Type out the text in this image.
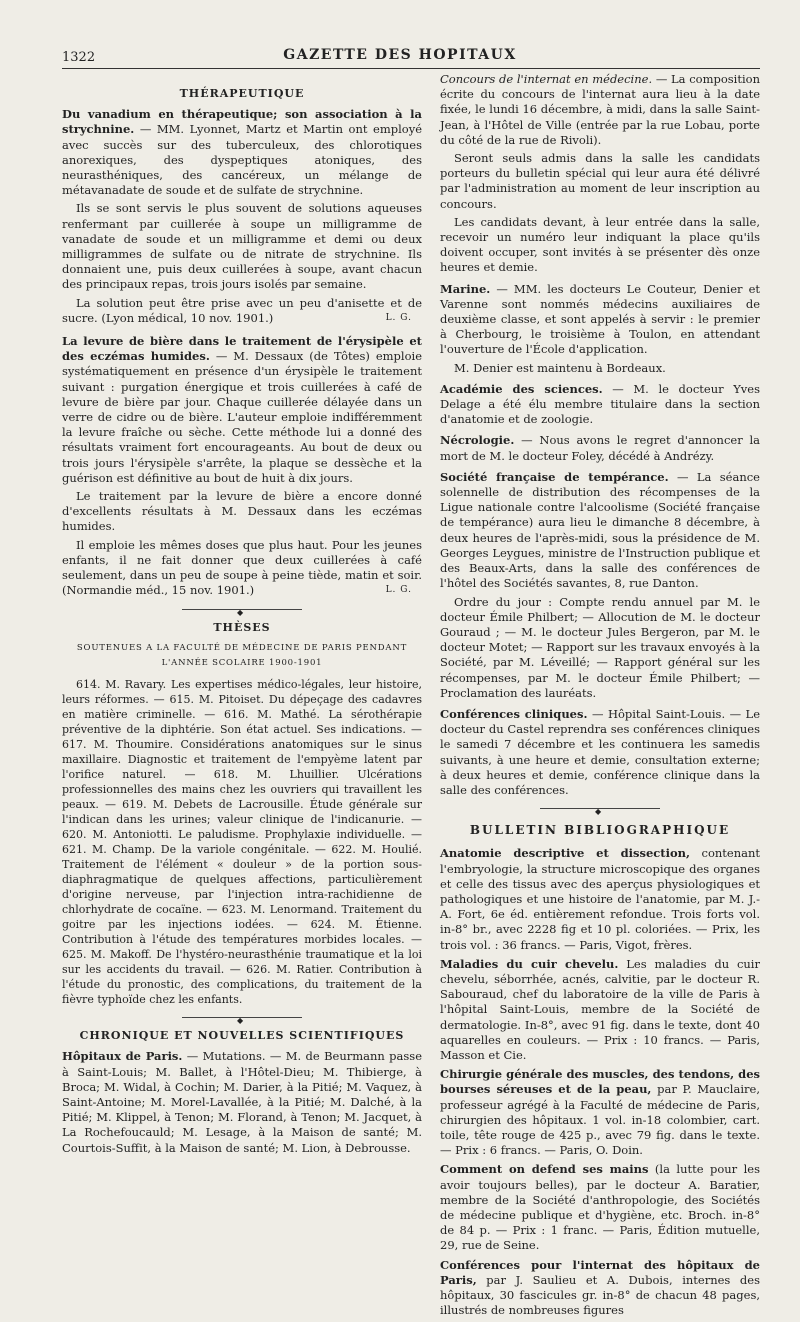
1322	GAZETTE DES HOPITAUX
THÉRAPEUTIQUE

Du vanadium en thérapeutique; son association à la strychnine. — MM. Lyonnet, Martz et Martin ont employé avec succès sur des tuberculeux, des chlorotiques anorexiques, des dyspeptiques atoniques, des neurasthéniques, des cancéreux, un mélange de métavanadate de soude et de sulfate de strychnine.

Ils se sont servis le plus souvent de solutions aqueuses renfermant par cuillerée à soupe un milligramme de vanadate de soude et un milligramme et demi ou deux milligrammes de sulfate ou de nitrate de strychnine. Ils donnaient une, puis deux cuillerées à soupe, avant chacun des principaux repas, trois jours isolés par semaine.

La solution peut être prise avec un peu d'anisette et de sucre. (Lyon médical, 10 nov. 1901.)	L. G.

La levure de bière dans le traitement de l'érysipèle et des eczémas humides. — M. Dessaux (de Tôtes) emploie systématiquement en présence d'un érysipèle le traitement suivant : purgation énergique et trois cuillerées à café de levure de bière par jour. Chaque cuillerée délayée dans un verre de cidre ou de bière. L'auteur emploie indifféremment la levure fraîche ou sèche. Cette méthode lui a donné des résultats vraiment fort encourageants. Au bout de deux ou trois jours l'érysipèle s'arrête, la plaque se dessèche et la guérison est définitive au bout de huit à dix jours.

Le traitement par la levure de bière a encore donné d'excellents résultats à M. Dessaux dans les eczémas humides.

Il emploie les mêmes doses que plus haut. Pour les jeunes enfants, il ne fait donner que deux cuillerées à café seulement, dans un peu de soupe à peine tiède, matin et soir. (Normandie méd., 15 nov. 1901.)	L. G.

◆
THÈSES
SOUTENUES A LA FACULTÉ DE MÉDECINE DE PARIS PENDANT L'ANNÉE SCOLAIRE 1900-1901

614. M. Ravary. Les expertises médico-légales, leur histoire, leurs réformes. — 615. M. Pitoiset. Du dépeçage des cadavres en matière criminelle. — 616. M. Mathé. La sérothérapie préventive de la diphtérie. Son état actuel. Ses indications. — 617. M. Thoumire. Considérations anatomiques sur le sinus maxillaire. Diagnostic et traitement de l'empyème latent par l'orifice naturel. — 618. M. Lhuillier. Ulcérations professionnelles des mains chez les ouvriers qui travaillent les peaux. — 619. M. Debets de Lacrousille. Étude générale sur l'indican dans les urines; valeur clinique de l'indicanurie. — 620. M. Antoniotti. Le paludisme. Prophylaxie individuelle. — 621. M. Champ. De la variole congénitale. — 622. M. Houlié. Traitement de l'élément « douleur » de la portion sous-diaphragmatique de quelques affections, particulièrement d'origine nerveuse, par l'injection intra-rachidienne de chlorhydrate de cocaïne. — 623. M. Lenormand. Traitement du goitre par les injections iodées. — 624. M. Étienne. Contribution à l'étude des températures morbides locales. — 625. M. Makoff. De l'hystéro-neurasthénie traumatique et la loi sur les accidents du travail. — 626. M. Ratier. Contribution à l'étude du pronostic, des complications, du traitement de la fièvre typhoïde chez les enfants.

◆
CHRONIQUE ET NOUVELLES SCIENTIFIQUES

Hôpitaux de Paris. — Mutations. — M. de Beurmann passe à Saint-Louis; M. Ballet, à l'Hôtel-Dieu; M. Thibierge, à Broca; M. Widal, à Cochin; M. Darier, à la Pitié; M. Vaquez, à Saint-Antoine; M. Morel-Lavallée, à la Pitié; M. Dalché, à la Pitié; M. Klippel, à Tenon; M. Florand, à Tenon; M. Jacquet, à La Rochefoucauld; M. Lesage, à la Maison de santé; M. Courtois-Suffit, à la Maison de santé; M. Lion, à Debrousse.

Concours de l'internat en médecine. — La composition écrite du concours de l'internat aura lieu à la date fixée, le lundi 16 décembre, à midi, dans la salle Saint-Jean, à l'Hôtel de Ville (entrée par la rue Lobau, porte du côté de la rue de Rivoli).

Seront seuls admis dans la salle les candidats porteurs du bulletin spécial qui leur aura été délivré par l'administration au moment de leur inscription au concours.

Les candidats devant, à leur entrée dans la salle, recevoir un numéro leur indiquant la place qu'ils doivent occuper, sont invités à se présenter dès onze heures et demie.

Marine. — MM. les docteurs Le Couteur, Denier et Varenne sont nommés médecins auxiliaires de deuxième classe, et sont appelés à servir : le premier à Cherbourg, le troisième à Toulon, en attendant l'ouverture de l'École d'application.

M. Denier est maintenu à Bordeaux.

Académie des sciences. — M. le docteur Yves Delage a été élu membre titulaire dans la section d'anatomie et de zoologie.

Nécrologie. — Nous avons le regret d'annoncer la mort de M. le docteur Foley, décédé à Andrézy.

Société française de tempérance. — La séance solennelle de distribution des récompenses de la Ligue nationale contre l'alcoolisme (Société française de tempérance) aura lieu le dimanche 8 décembre, à deux heures de l'après-midi, sous la présidence de M. Georges Leygues, ministre de l'Instruction publique et des Beaux-Arts, dans la salle des conférences de l'hôtel des Sociétés savantes, 8, rue Danton.

Ordre du jour : Compte rendu annuel par M. le docteur Émile Philbert; — Allocution de M. le docteur Gouraud ; — M. le docteur Jules Bergeron, par M. le docteur Motet; — Rapport sur les travaux envoyés à la Société, par M. Léveillé; — Rapport général sur les récompenses, par M. le docteur Émile Philbert; — Proclamation des lauréats.

Conférences cliniques. — Hôpital Saint-Louis. — Le docteur du Castel reprendra ses conférences cliniques le samedi 7 décembre et les continuera les samedis suivants, à une heure et demie, consultation externe; à deux heures et demie, conférence clinique dans la salle des conférences.

◆
BULLETIN BIBLIOGRAPHIQUE

Anatomie descriptive et dissection, contenant l'embryologie, la structure microscopique des organes et celle des tissus avec des aperçus physiologiques et pathologiques et une histoire de l'anatomie, par M. J.-A. Fort, 6e éd. entièrement refondue. Trois forts vol. in-8° br., avec 2228 fig et 10 pl. coloriées. — Prix, les trois vol. : 36 francs. — Paris, Vigot, frères.

Maladies du cuir chevelu. Les maladies du cuir chevelu, séborrhée, acnés, calvitie, par le docteur R. Sabouraud, chef du laboratoire de la ville de Paris à l'hôpital Saint-Louis, membre de la Société de dermatologie. In-8°, avec 91 fig. dans le texte, dont 40 aquarelles en couleurs. — Prix : 10 francs. — Paris, Masson et Cie.

Chirurgie générale des muscles, des tendons, des bourses séreuses et de la peau, par P. Mauclaire, professeur agrégé à la Faculté de médecine de Paris, chirurgien des hôpitaux. 1 vol. in-18 colombier, cart. toile, tête rouge de 425 p., avec 79 fig. dans le texte. — Prix : 6 francs. — Paris, O. Doin.

Comment on defend ses mains (la lutte pour les avoir toujours belles), par le docteur A. Baratier, membre de la Société d'anthropologie, des Sociétés de médecine publique et d'hygiène, etc. Broch. in-8° de 84 p. — Prix : 1 franc. — Paris, Édition mutuelle, 29, rue de Seine.

Conférences pour l'internat des hôpitaux de Paris, par J. Saulieu et A. Dubois, internes des hôpitaux, 30 fascicules gr. in-8° de chacun 48 pages, illustrés de nombreuses figures
